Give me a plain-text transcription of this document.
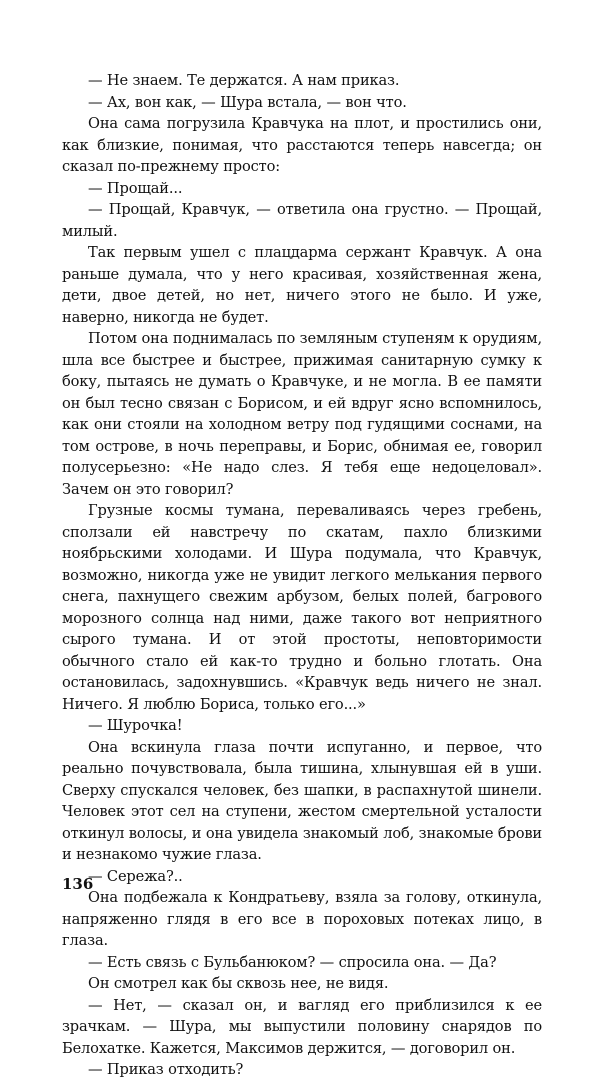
— Не знаем. Те держатся. А нам приказ.

— Ах, вон как, — Шура встала, — вон что.

Она сама погрузила Кравчука на плот, и простились они, как близкие, понимая, что расстаются теперь навсегда; он сказал по-прежнему просто:

— Прощай...

— Прощай, Кравчук, — ответила она грустно. — Прощай, милый.

Так первым ушел с плацдарма сержант Кравчук. А она раньше думала, что у него красивая, хозяйственная жена, дети, двое детей, но нет, ничего этого не было. И уже, наверно, никогда не будет.

Потом она поднималась по земляным ступеням к орудиям, шла все быстрее и быстрее, прижимая санитарную сумку к боку, пытаясь не думать о Кравчуке, и не могла. В ее памяти он был тесно связан с Борисом, и ей вдруг ясно вспомнилось, как они стояли на холодном ветру под гудящими соснами, на том острове, в ночь переправы, и Борис, обнимая ее, говорил полусерьезно: «Не надо слез. Я тебя еще недоцеловал». Зачем он это говорил?

Грузные космы тумана, переваливаясь через гребень, сползали ей навстречу по скатам, пахло близкими ноябрьскими холодами. И Шура подумала, что Кравчук, возможно, никогда уже не увидит легкого мелькания первого снега, пахнущего свежим арбузом, белых полей, багрового морозного солнца над ними, даже такого вот неприятного сырого тумана. И от этой простоты, неповторимости обычного стало ей как-то трудно и больно глотать. Она остановилась, задохнувшись. «Кравчук ведь ничего не знал. Ничего. Я люблю Бориса, только его...»

— Шурочка!

Она вскинула глаза почти испуганно, и первое, что реально почувствовала, была тишина, хлынувшая ей в уши. Сверху спускался человек, без шапки, в распахнутой шинели. Человек этот сел на ступени, жестом смертельной усталости откинул волосы, и она увидела знакомый лоб, знакомые брови и незнакомо чужие глаза.

— Сережа?..

Она подбежала к Кондратьеву, взяла за голову, откинула, напряженно глядя в его все в пороховых потеках лицо, в глаза.

— Есть связь с Бульбанюком? — спросила она. — Да?

Он смотрел как бы сквозь нее, не видя.

— Нет, — сказал он, и вагляд его приблизился к ее зрачкам. — Шура, мы выпустили половину снарядов по Белохатке. Кажется, Максимов держится, — договорил он.

— Приказ отходить?

136
